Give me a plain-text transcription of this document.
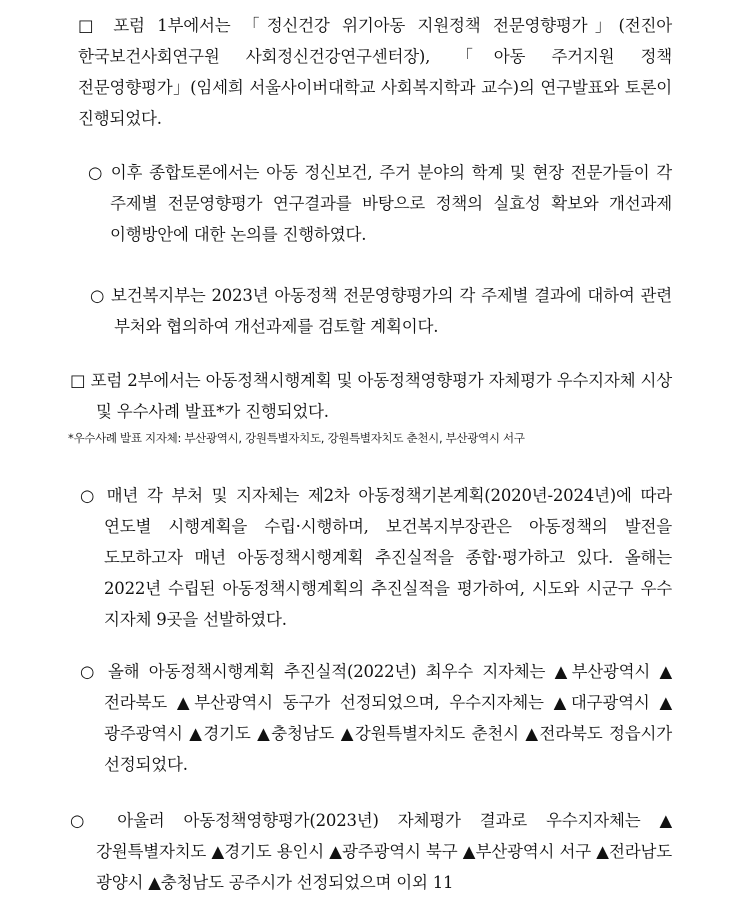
□ 포럼 1부에서는 「정신건강 위기아동 지원정책 전문영향평가」(전진아 한국보건사회연구원 사회정신건강연구센터장), 「아동 주거지원 정책 전문영향평가」(임세희 서울사이버대학교 사회복지학과 교수)의 연구발표와 토론이 진행되었다.
○ 이후 종합토론에서는 아동 정신보건, 주거 분야의 학계 및 현장 전문가들이 각 주제별 전문영향평가 연구결과를 바탕으로 정책의 실효성 확보와 개선과제 이행방안에 대한 논의를 진행하였다.
○ 보건복지부는 2023년 아동정책 전문영향평가의 각 주제별 결과에 대하여 관련 부처와 협의하여 개선과제를 검토할 계획이다.
□ 포럼 2부에서는 아동정책시행계획 및 아동정책영향평가 자체평가 우수지자체 시상 및 우수사례 발표*가 진행되었다.
*우수사례 발표 지자체: 부산광역시, 강원특별자치도, 강원특별자치도 춘천시, 부산광역시 서구
○ 매년 각 부처 및 지자체는 제2차 아동정책기본계획(2020년-2024년)에 따라 연도별 시행계획을 수립·시행하며, 보건복지부장관은 아동정책의 발전을 도모하고자 매년 아동정책시행계획 추진실적을 종합·평가하고 있다. 올해는 2022년 수립된 아동정책시행계획의 추진실적을 평가하여, 시도와 시군구 우수 지자체 9곳을 선발하였다.
○ 올해 아동정책시행계획 추진실적(2022년) 최우수 지자체는 ▲부산광역시 ▲전라북도 ▲부산광역시 동구가 선정되었으며, 우수지자체는 ▲대구광역시 ▲광주광역시 ▲경기도 ▲충청남도 ▲강원특별자치도 춘천시 ▲전라북도 정읍시가 선정되었다.
○ 아울러 아동정책영향평가(2023년) 자체평가 결과로 우수지자체는 ▲강원특별자치도 ▲경기도 용인시 ▲광주광역시 북구 ▲부산광역시 서구 ▲전라남도 광양시 ▲충청남도 공주시가 선정되었으며 이외 11
